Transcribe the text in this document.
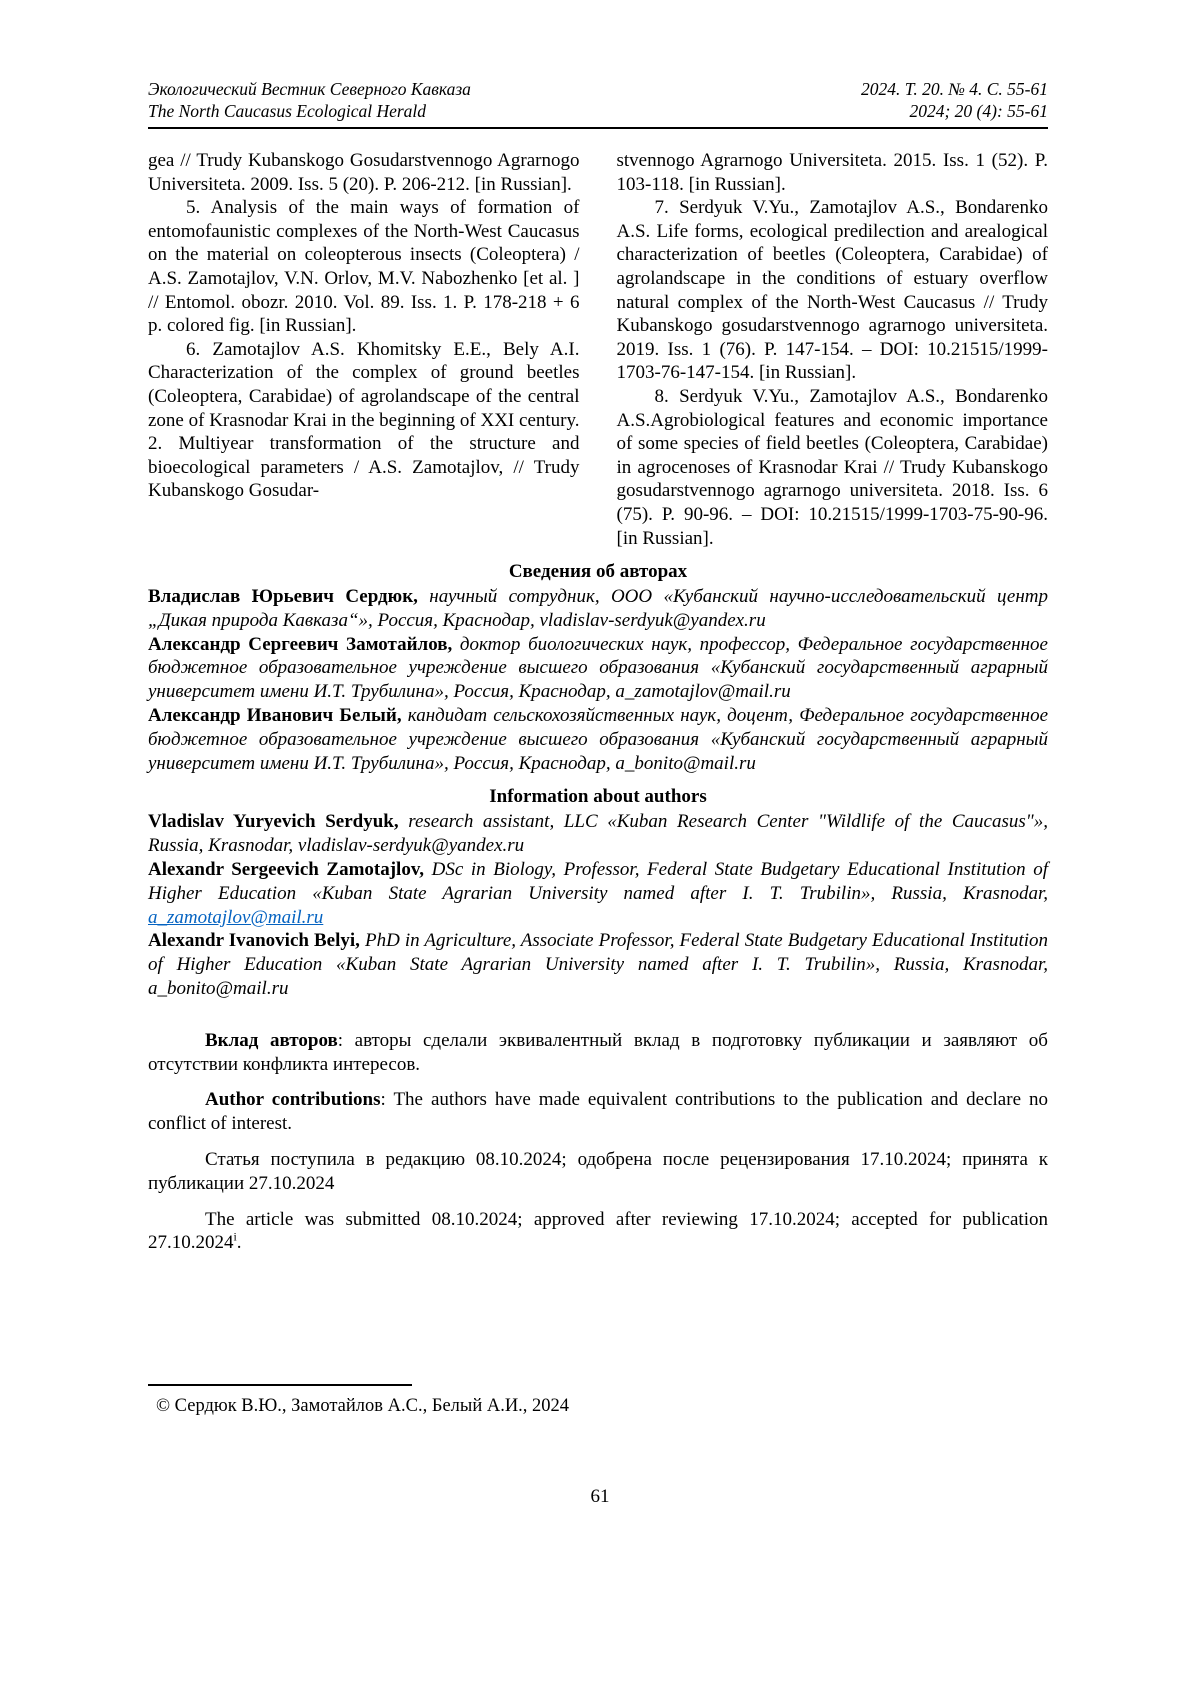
Экологический Вестник Северного Кавказа	2024. Т. 20. № 4. С. 55-61
The North Caucasus Ecological Herald	2024; 20 (4): 55-61

gea // Trudy Kubanskogo Gosudarstvennogo Agrarnogo Universiteta. 2009. Iss. 5 (20). P. 206-212. [in Russian].

5. Analysis of the main ways of formation of entomofaunistic complexes of the North-West Caucasus on the material on coleopterous insects (Coleoptera) / A.S. Zamotajlov, V.N. Orlov, M.V. Nabozhenko [et al. ] // Entomol. obozr. 2010. Vol. 89. Iss. 1. P. 178-218 + 6 p. colored fig. [in Russian].

6. Zamotajlov A.S. Khomitsky E.E., Bely A.I. Characterization of the complex of ground beetles (Coleoptera, Carabidae) of agrolandscape of the central zone of Krasnodar Krai in the beginning of XXI century. 2. Multiyear transformation of the structure and bioecological parameters / A.S. Zamotajlov, // Trudy Kubanskogo Gosudar-

stvennogo Agrarnogo Universiteta. 2015. Iss. 1 (52). P. 103-118. [in Russian].

7. Serdyuk V.Yu., Zamotajlov A.S., Bondarenko A.S. Life forms, ecological predilection and arealogical characterization of beetles (Coleoptera, Carabidae) of agrolandscape in the conditions of estuary overflow natural complex of the North-West Caucasus // Trudy Kubanskogo gosudarstvennogo agrarnogo universiteta. 2019. Iss. 1 (76). P. 147-154. – DOI: 10.21515/1999-1703-76-147-154. [in Russian].

8. Serdyuk V.Yu., Zamotajlov A.S., Bondarenko A.S.Agrobiological features and economic importance of some species of field beetles (Coleoptera, Carabidae) in agrocenoses of Krasnodar Krai // Trudy Kubanskogo gosudarstvennogo agrarnogo universiteta. 2018. Iss. 6 (75). P. 90-96. – DOI: 10.21515/1999-1703-75-90-96. [in Russian].

Сведения об авторах

Владислав Юрьевич Сердюк, научный сотрудник, ООО «Кубанский научно-исследовательский центр „Дикая природа Кавказа“», Россия, Краснодар, vladislav-serdyuk@yandex.ru

Александр Сергеевич Замотайлов, доктор биологических наук, профессор, Федеральное государственное бюджетное образовательное учреждение высшего образования «Кубанский государственный аграрный университет имени И.Т. Трубилина», Россия, Краснодар, a_zamotajlov@mail.ru

Александр Иванович Белый, кандидат сельскохозяйственных наук, доцент, Федеральное государственное бюджетное образовательное учреждение высшего образования «Кубанский государственный аграрный университет имени И.Т. Трубилина», Россия, Краснодар, a_bonito@mail.ru

Information about authors

Vladislav Yuryevich Serdyuk, research assistant, LLC «Kuban Research Center "Wildlife of the Caucasus"», Russia, Krasnodar, vladislav-serdyuk@yandex.ru

Alexandr Sergeevich Zamotajlov, DSc in Biology, Professor, Federal State Budgetary Educational Institution of Higher Education «Kuban State Agrarian University named after I. T. Trubilin», Russia, Krasnodar, a_zamotajlov@mail.ru

Alexandr Ivanovich Belyi, PhD in Agriculture, Associate Professor, Federal State Budgetary Educational Institution of Higher Education «Kuban State Agrarian University named after I. T. Trubilin», Russia, Krasnodar, a_bonito@mail.ru

Вклад авторов: авторы сделали эквивалентный вклад в подготовку публикации и заявляют об отсутствии конфликта интересов.

Author contributions: The authors have made equivalent contributions to the publication and declare no conflict of interest.

Статья поступила в редакцию 08.10.2024; одобрена после рецензирования 17.10.2024; принята к публикации 27.10.2024

The article was submitted 08.10.2024; approved after reviewing 17.10.2024; accepted for publication 27.10.2024$^i$.

© Сердюк В.Ю., Замотайлов А.С., Белый А.И., 2024

61
